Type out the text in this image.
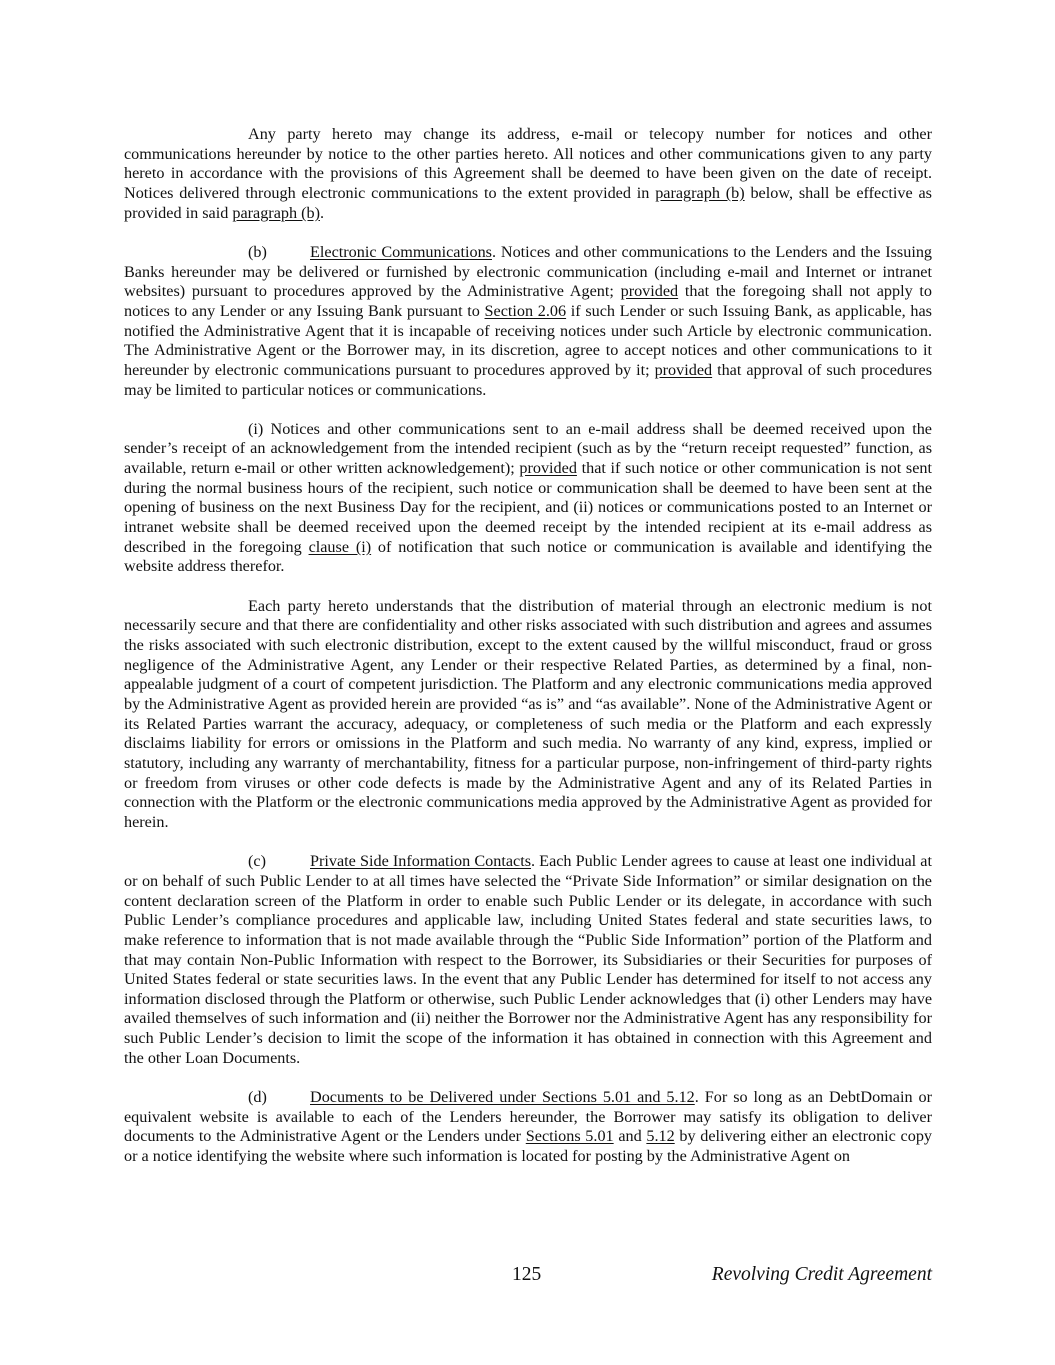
Any party hereto may change its address, e-mail or telecopy number for notices and other communications hereunder by notice to the other parties hereto. All notices and other communications given to any party hereto in accordance with the provisions of this Agreement shall be deemed to have been given on the date of receipt. Notices delivered through electronic communications to the extent provided in paragraph (b) below, shall be effective as provided in said paragraph (b).

(b)	Electronic Communications. Notices and other communications to the Lenders and the Issuing Banks hereunder may be delivered or furnished by electronic communication (including e-mail and Internet or intranet websites) pursuant to procedures approved by the Administrative Agent; provided that the foregoing shall not apply to notices to any Lender or any Issuing Bank pursuant to Section 2.06 if such Lender or such Issuing Bank, as applicable, has notified the Administrative Agent that it is incapable of receiving notices under such Article by electronic communication. The Administrative Agent or the Borrower may, in its discretion, agree to accept notices and other communications to it hereunder by electronic communications pursuant to procedures approved by it; provided that approval of such procedures may be limited to particular notices or communications.

(i) Notices and other communications sent to an e-mail address shall be deemed received upon the sender’s receipt of an acknowledgement from the intended recipient (such as by the “return receipt requested” function, as available, return e-mail or other written acknowledgement); provided that if such notice or other communication is not sent during the normal business hours of the recipient, such notice or communication shall be deemed to have been sent at the opening of business on the next Business Day for the recipient, and (ii) notices or communications posted to an Internet or intranet website shall be deemed received upon the deemed receipt by the intended recipient at its e-mail address as described in the foregoing clause (i) of notification that such notice or communication is available and identifying the website address therefor.

Each party hereto understands that the distribution of material through an electronic medium is not necessarily secure and that there are confidentiality and other risks associated with such distribution and agrees and assumes the risks associated with such electronic distribution, except to the extent caused by the willful misconduct, fraud or gross negligence of the Administrative Agent, any Lender or their respective Related Parties, as determined by a final, non-appealable judgment of a court of competent jurisdiction. The Platform and any electronic communications media approved by the Administrative Agent as provided herein are provided “as is” and “as available”. None of the Administrative Agent or its Related Parties warrant the accuracy, adequacy, or completeness of such media or the Platform and each expressly disclaims liability for errors or omissions in the Platform and such media. No warranty of any kind, express, implied or statutory, including any warranty of merchantability, fitness for a particular purpose, non-infringement of third-party rights or freedom from viruses or other code defects is made by the Administrative Agent and any of its Related Parties in connection with the Platform or the electronic communications media approved by the Administrative Agent as provided for herein.

(c)	Private Side Information Contacts. Each Public Lender agrees to cause at least one individual at or on behalf of such Public Lender to at all times have selected the “Private Side Information” or similar designation on the content declaration screen of the Platform in order to enable such Public Lender or its delegate, in accordance with such Public Lender’s compliance procedures and applicable law, including United States federal and state securities laws, to make reference to information that is not made available through the “Public Side Information” portion of the Platform and that may contain Non-Public Information with respect to the Borrower, its Subsidiaries or their Securities for purposes of United States federal or state securities laws. In the event that any Public Lender has determined for itself to not access any information disclosed through the Platform or otherwise, such Public Lender acknowledges that (i) other Lenders may have availed themselves of such information and (ii) neither the Borrower nor the Administrative Agent has any responsibility for such Public Lender’s decision to limit the scope of the information it has obtained in connection with this Agreement and the other Loan Documents.

(d)	Documents to be Delivered under Sections 5.01 and 5.12. For so long as an DebtDomain or equivalent website is available to each of the Lenders hereunder, the Borrower may satisfy its obligation to deliver documents to the Administrative Agent or the Lenders under Sections 5.01 and 5.12 by delivering either an electronic copy or a notice identifying the website where such information is located for posting by the Administrative Agent on

125	Revolving Credit Agreement
